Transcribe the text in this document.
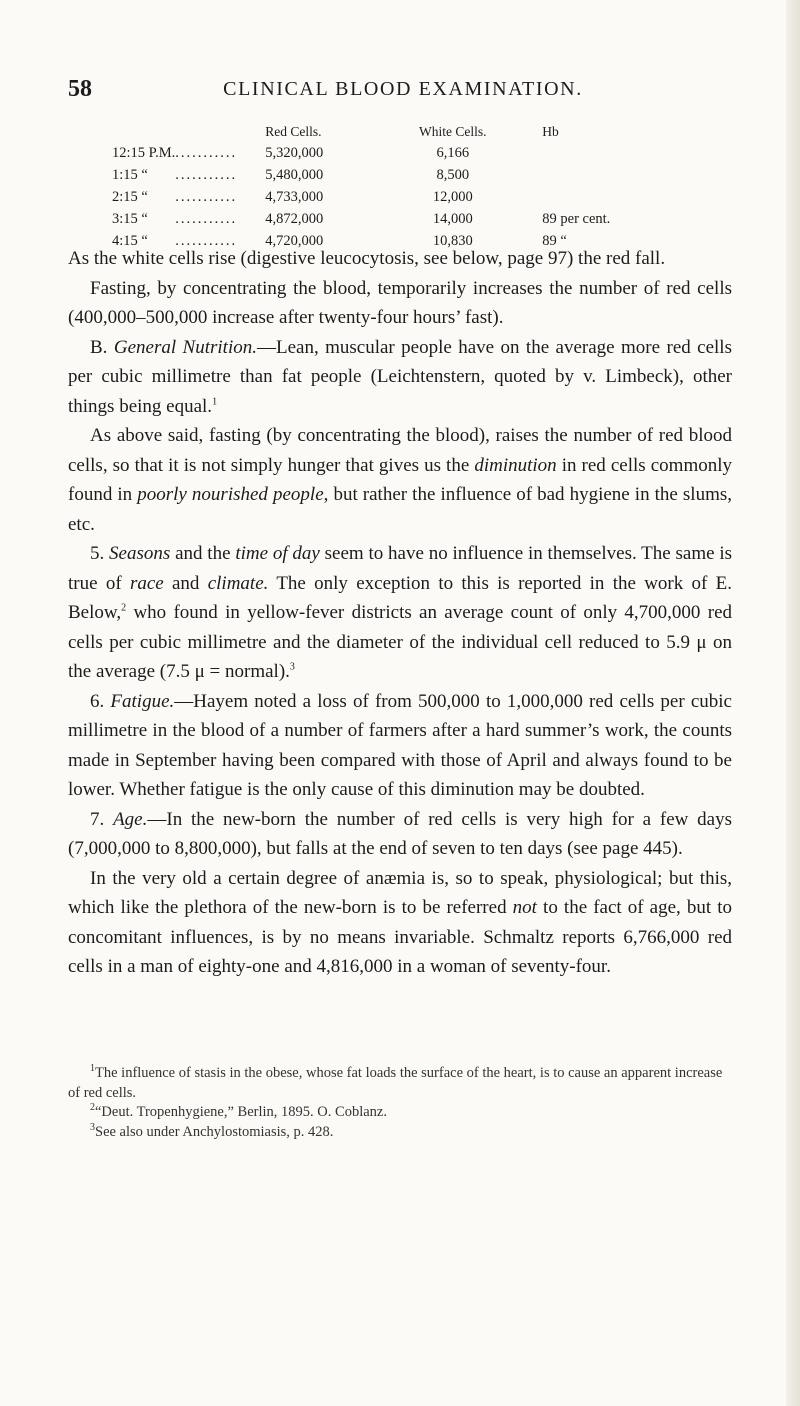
58	CLINICAL BLOOD EXAMINATION.
		Red Cells.	White Cells.	Hb
12:15 P.M.	...........	5,320,000	6,166	
1:15 “	...........	5,480,000	8,500	
2:15 “	...........	4,733,000	12,000	
3:15 “	...........	4,872,000	14,000	89 per cent.
4:15 “	...........	4,720,000	10,830	89 “

As the white cells rise (digestive leucocytosis, see below, page 97) the red fall.

Fasting, by concentrating the blood, temporarily increases the number of red cells (400,000–500,000 increase after twenty-four hours’ fast).

B. General Nutrition.—Lean, muscular people have on the average more red cells per cubic millimetre than fat people (Leichtenstern, quoted by v. Limbeck), other things being equal.$^1$

As above said, fasting (by concentrating the blood), raises the number of red blood cells, so that it is not simply hunger that gives us the diminution in red cells commonly found in poorly nourished people, but rather the influence of bad hygiene in the slums, etc.

5. Seasons and the time of day seem to have no influence in themselves. The same is true of race and climate. The only exception to this is reported in the work of E. Below,$^2$ who found in yellow-fever districts an average count of only 4,700,000 red cells per cubic millimetre and the diameter of the individual cell reduced to 5.9 μ on the average (7.5 μ = normal).$^3$

6. Fatigue.—Hayem noted a loss of from 500,000 to 1,000,000 red cells per cubic millimetre in the blood of a number of farmers after a hard summer’s work, the counts made in September having been compared with those of April and always found to be lower. Whether fatigue is the only cause of this diminution may be doubted.

7. Age.—In the new-born the number of red cells is very high for a few days (7,000,000 to 8,800,000), but falls at the end of seven to ten days (see page 445).

In the very old a certain degree of anæmia is, so to speak, physiological; but this, which like the plethora of the new-born is to be referred not to the fact of age, but to concomitant influences, is by no means invariable. Schmaltz reports 6,766,000 red cells in a man of eighty-one and 4,816,000 in a woman of seventy-four.

$^1$The influence of stasis in the obese, whose fat loads the surface of the heart, is to cause an apparent increase of red cells.

$^2$“Deut. Tropenhygiene,” Berlin, 1895. O. Coblanz.

$^3$See also under Anchylostomiasis, p. 428.
